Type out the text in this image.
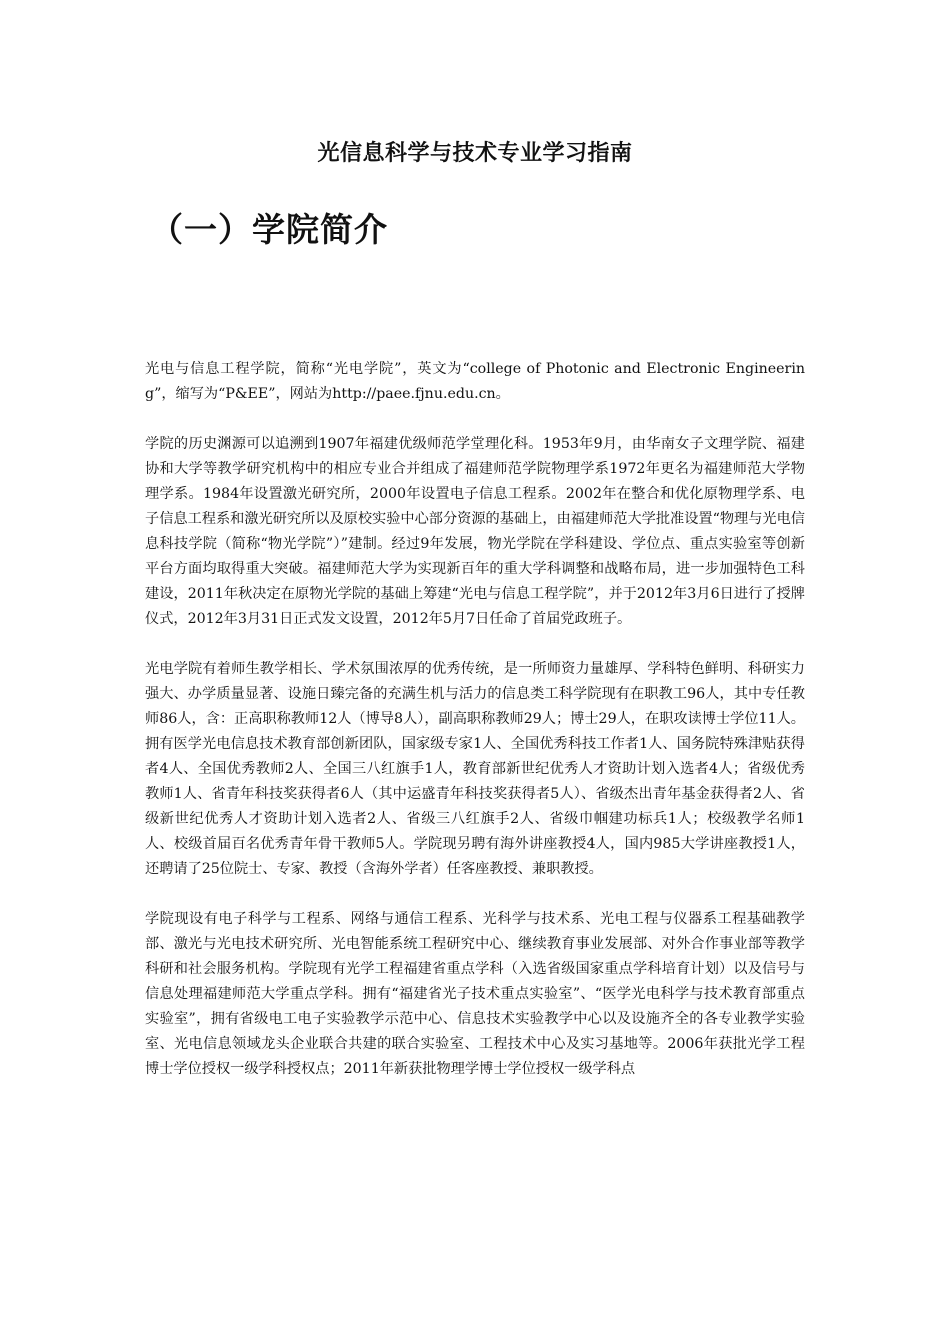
光信息科学与技术专业学习指南
（一）学院简介

光电与信息工程学院，简称“光电学院”，英文为“college of Photonic and Electronic Engineering”，缩写为“P&EE”，网站为http://paee.fjnu.edu.cn。

学院的历史渊源可以追溯到1907年福建优级师范学堂理化科。1953年9月，由华南女子文理学院、福建协和大学等教学研究机构中的相应专业合并组成了福建师范学院物理学系1972年更名为福建师范大学物理学系。1984年设置激光研究所，2000年设置电子信息工程系。2002年在整合和优化原物理学系、电子信息工程系和激光研究所以及原校实验中心部分资源的基础上，由福建师范大学批准设置“物理与光电信息科技学院（简称“物光学院”）”建制。经过9年发展，物光学院在学科建设、学位点、重点实验室等创新平台方面均取得重大突破。福建师范大学为实现新百年的重大学科调整和战略布局，进一步加强特色工科建设，2011年秋决定在原物光学院的基础上筹建“光电与信息工程学院”，并于2012年3月6日进行了授牌仪式，2012年3月31日正式发文设置，2012年5月7日任命了首届党政班子。

光电学院有着师生教学相长、学术氛围浓厚的优秀传统，是一所师资力量雄厚、学科特色鲜明、科研实力强大、办学质量显著、设施日臻完备的充满生机与活力的信息类工科学院现有在职教工96人，其中专任教师86人，含：正高职称教师12人（博导8人），副高职称教师29人；博士29人，在职攻读博士学位11人。拥有医学光电信息技术教育部创新团队，国家级专家1人、全国优秀科技工作者1人、国务院特殊津贴获得者4人、全国优秀教师2人、全国三八红旗手1人，教育部新世纪优秀人才资助计划入选者4人；省级优秀教师1人、省青年科技奖获得者6人（其中运盛青年科技奖获得者5人）、省级杰出青年基金获得者2人、省级新世纪优秀人才资助计划入选者2人、省级三八红旗手2人、省级巾帼建功标兵1人；校级教学名师1人、校级首届百名优秀青年骨干教师5人。学院现另聘有海外讲座教授4人，国内985大学讲座教授1人，还聘请了25位院士、专家、教授（含海外学者）任客座教授、兼职教授。

学院现设有电子科学与工程系、网络与通信工程系、光科学与技术系、光电工程与仪器系工程基础教学部、激光与光电技术研究所、光电智能系统工程研究中心、继续教育事业发展部、对外合作事业部等教学科研和社会服务机构。学院现有光学工程福建省重点学科（入选省级国家重点学科培育计划）以及信号与信息处理福建师范大学重点学科。拥有“福建省光子技术重点实验室”、“医学光电科学与技术教育部重点实验室”，拥有省级电工电子实验教学示范中心、信息技术实验教学中心以及设施齐全的各专业教学实验室、光电信息领域龙头企业联合共建的联合实验室、工程技术中心及实习基地等。2006年获批光学工程博士学位授权一级学科授权点；2011年新获批物理学博士学位授权一级学科点
